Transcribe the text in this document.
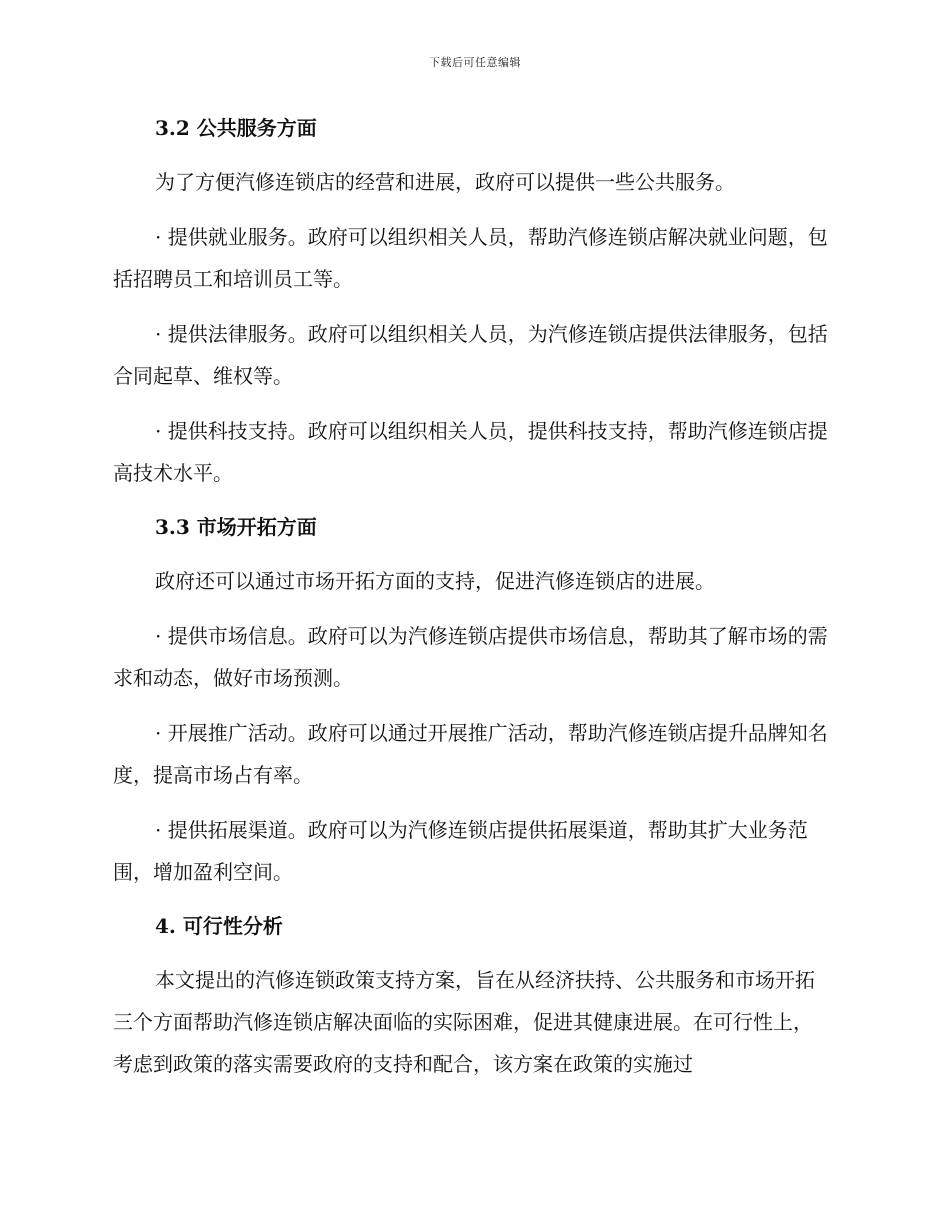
下载后可任意编辑
3.2 公共服务方面

为了方便汽修连锁店的经营和进展，政府可以提供一些公共服务。

· 提供就业服务。政府可以组织相关人员，帮助汽修连锁店解决就业问题，包括招聘员工和培训员工等。

· 提供法律服务。政府可以组织相关人员，为汽修连锁店提供法律服务，包括合同起草、维权等。

· 提供科技支持。政府可以组织相关人员，提供科技支持，帮助汽修连锁店提高技术水平。

3.3 市场开拓方面

政府还可以通过市场开拓方面的支持，促进汽修连锁店的进展。

· 提供市场信息。政府可以为汽修连锁店提供市场信息，帮助其了解市场的需求和动态，做好市场预测。

· 开展推广活动。政府可以通过开展推广活动，帮助汽修连锁店提升品牌知名度，提高市场占有率。

· 提供拓展渠道。政府可以为汽修连锁店提供拓展渠道，帮助其扩大业务范围，增加盈利空间。

4. 可行性分析

本文提出的汽修连锁政策支持方案，旨在从经济扶持、公共服务和市场开拓三个方面帮助汽修连锁店解决面临的实际困难，促进其健康进展。在可行性上，考虑到政策的落实需要政府的支持和配合，该方案在政策的实施过
